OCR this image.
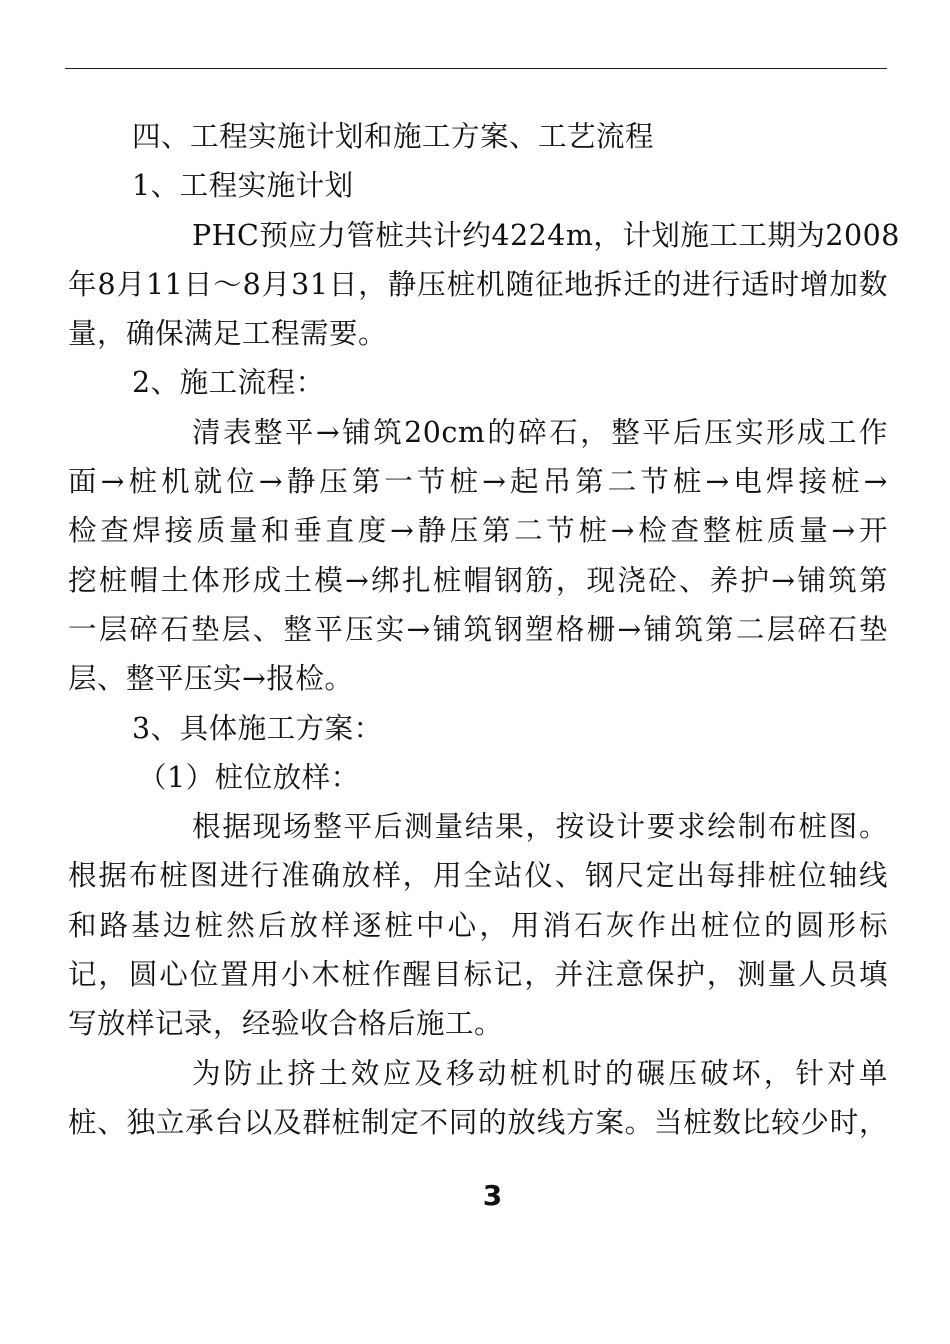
四、工程实施计划和施工方案、工艺流程
1、工程实施计划
PHC预应力管桩共计约4224m，计划施工工期为2008
年8月11日～8月31日，静压桩机随征地拆迁的进行适时增加数
量，确保满足工程需要。
2、施工流程：
清表整平→铺筑20cm的碎石，整平后压实形成工作
面→桩机就位→静压第一节桩→起吊第二节桩→电焊接桩→
检查焊接质量和垂直度→静压第二节桩→检查整桩质量→开
挖桩帽土体形成土模→绑扎桩帽钢筋，现浇砼、养护→铺筑第
一层碎石垫层、整平压实→铺筑钢塑格栅→铺筑第二层碎石垫
层、整平压实→报检。
3、具体施工方案：
（1）桩位放样：
根据现场整平后测量结果，按设计要求绘制布桩图。
根据布桩图进行准确放样，用全站仪、钢尺定出每排桩位轴线
和路基边桩然后放样逐桩中心，用消石灰作出桩位的圆形标
记，圆心位置用小木桩作醒目标记，并注意保护，测量人员填
写放样记录，经验收合格后施工。
为防止挤土效应及移动桩机时的碾压破坏，针对单
桩、独立承台以及群桩制定不同的放线方案。当桩数比较少时，
3
